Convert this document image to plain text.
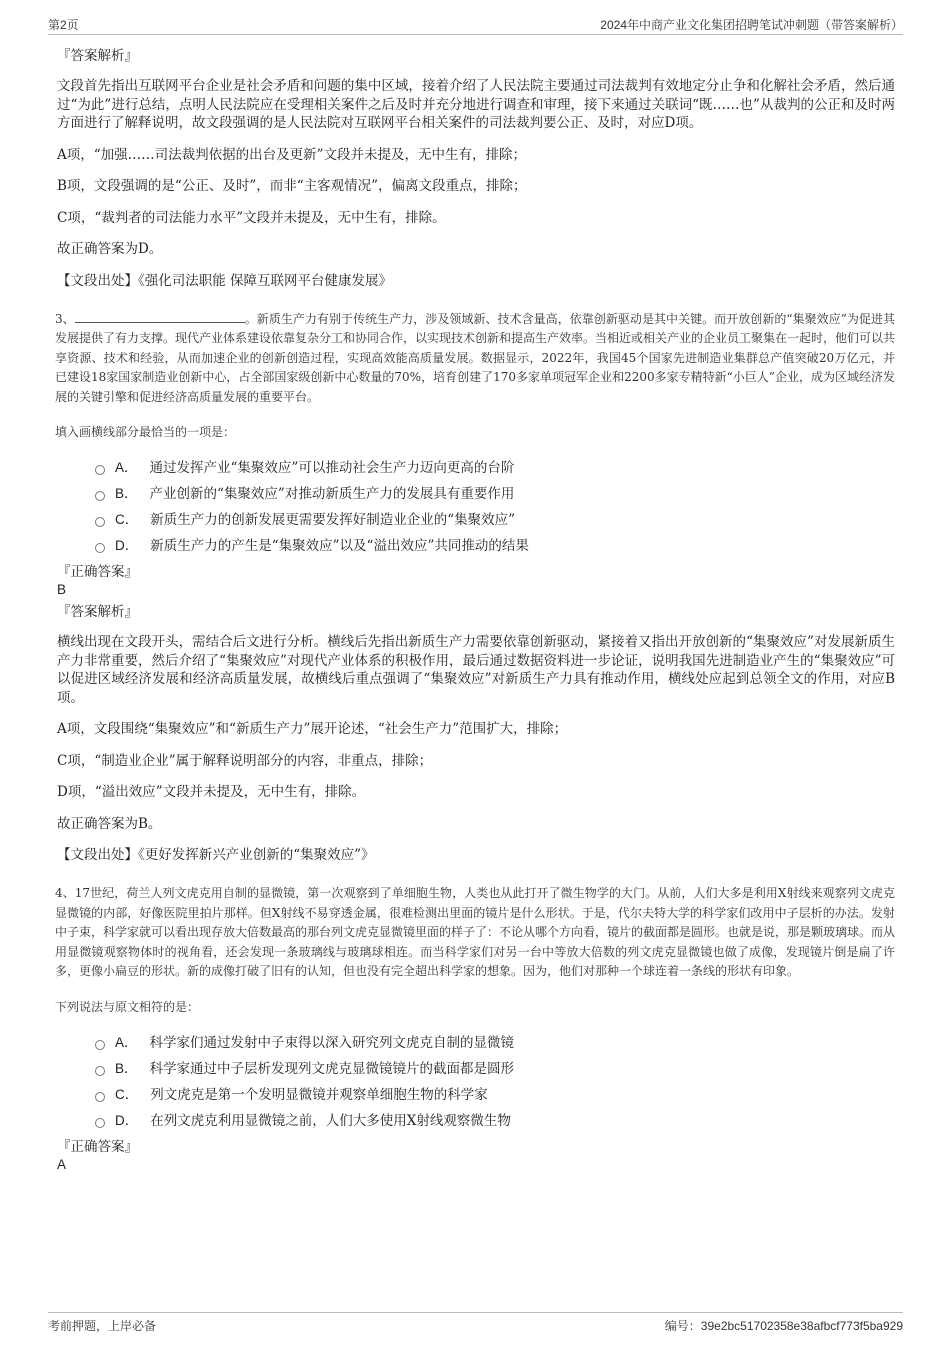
第2页	2024年中商产业文化集团招聘笔试冲刺题（带答案解析）
『答案解析』
文段首先指出互联网平台企业是社会矛盾和问题的集中区域，接着介绍了人民法院主要通过司法裁判有效地定分止争和化解社会矛盾，然后通过“为此”进行总结，点明人民法院应在受理相关案件之后及时并充分地进行调查和审理，接下来通过关联词“既……也”从裁判的公正和及时两方面进行了解释说明，故文段强调的是人民法院对互联网平台相关案件的司法裁判要公正、及时，对应D项。
A项，“加强……司法裁判依据的出台及更新”文段并未提及，无中生有，排除；
B项，文段强调的是“公正、及时”，而非“主客观情况”，偏离文段重点，排除；
C项，“裁判者的司法能力水平”文段并未提及，无中生有，排除。
故正确答案为D。
【文段出处】《强化司法职能 保障互联网平台健康发展》
3、	。新质生产力有别于传统生产力，涉及领域新、技术含量高，依靠创新驱动是其中关键。而开放创新的“集聚效应”为促进其发展提供了有力支撑。现代产业体系建设依靠复杂分工和协同合作，以实现技术创新和提高生产效率。当相近或相关产业的企业员工聚集在一起时，他们可以共享资源、技术和经验，从而加速企业的创新创造过程，实现高效能高质量发展。数据显示，2022年，我国45个国家先进制造业集群总产值突破20万亿元，并已建设18家国家制造业创新中心，占全部国家级创新中心数量的70%，培育创建了170多家单项冠军企业和2200多家专精特新“小巨人”企业，成为区域经济发展的关键引擎和促进经济高质量发展的重要平台。
填入画横线部分最恰当的一项是：
A． 通过发挥产业“集聚效应”可以推动社会生产力迈向更高的台阶
B． 产业创新的“集聚效应”对推动新质生产力的发展具有重要作用
C． 新质生产力的创新发展更需要发挥好制造业企业的“集聚效应”
D． 新质生产力的产生是“集聚效应”以及“溢出效应”共同推动的结果
『正确答案』
B
『答案解析』
横线出现在文段开头，需结合后文进行分析。横线后先指出新质生产力需要依靠创新驱动，紧接着又指出开放创新的“集聚效应”对发展新质生产力非常重要，然后介绍了“集聚效应”对现代产业体系的积极作用，最后通过数据资料进一步论证，说明我国先进制造业产生的“集聚效应”可以促进区域经济发展和经济高质量发展，故横线后重点强调了“集聚效应”对新质生产力具有推动作用，横线处应起到总领全文的作用，对应B项。
A项，文段围绕“集聚效应”和“新质生产力”展开论述，“社会生产力”范围扩大，排除；
C项，“制造业企业”属于解释说明部分的内容，非重点，排除；
D项，“溢出效应”文段并未提及，无中生有，排除。
故正确答案为B。
【文段出处】《更好发挥新兴产业创新的“集聚效应”》
4、17世纪，荷兰人列文虎克用自制的显微镜，第一次观察到了单细胞生物，人类也从此打开了微生物学的大门。从前，人们大多是利用X射线来观察列文虎克显微镜的内部，好像医院里拍片那样。但X射线不易穿透金属，很难检测出里面的镜片是什么形状。于是，代尔夫特大学的科学家们改用中子层析的办法。发射中子束，科学家就可以看出现存放大倍数最高的那台列文虎克显微镜里面的样子了：不论从哪个方向看，镜片的截面都是圆形。也就是说，那是颗玻璃球。而从用显微镜观察物体时的视角看，还会发现一条玻璃线与玻璃球相连。而当科学家们对另一台中等放大倍数的列文虎克显微镜也做了成像，发现镜片倒是扁了许多，更像小扁豆的形状。新的成像打破了旧有的认知，但也没有完全超出科学家的想象。因为，他们对那种一个球连着一条线的形状有印象。
下列说法与原文相符的是：
A． 科学家们通过发射中子束得以深入研究列文虎克自制的显微镜
B． 科学家通过中子层析发现列文虎克显微镜镜片的截面都是圆形
C． 列文虎克是第一个发明显微镜并观察单细胞生物的科学家
D． 在列文虎克利用显微镜之前，人们大多使用X射线观察微生物
『正确答案』
A
考前押题，上岸必备	编号：39e2bc51702358e38afbcf773f5ba929
